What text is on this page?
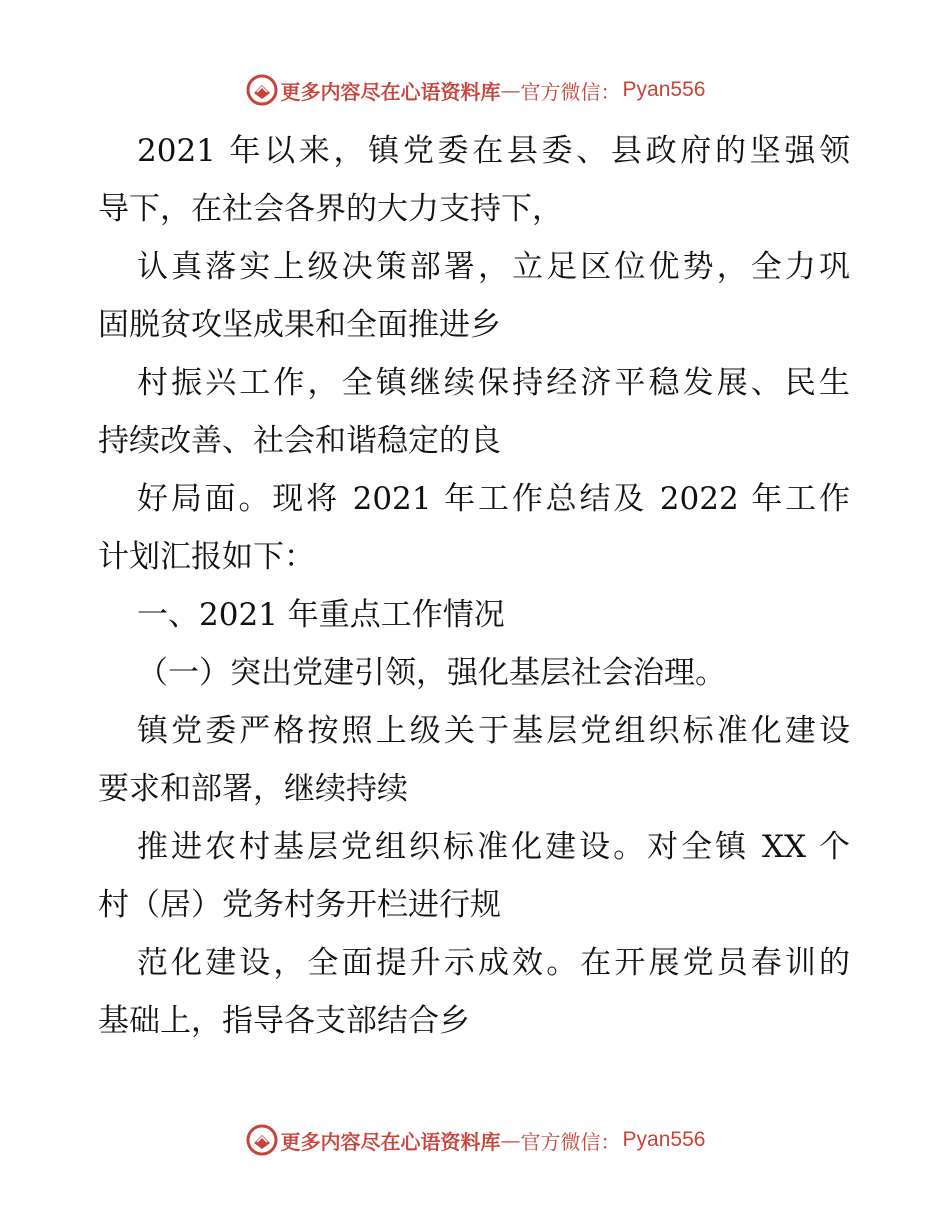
更多内容尽在心语资料库 — 官方微信： Pyan556
2021 年以来，镇党委在县委、县政府的坚强领
导下，在社会各界的大力支持下，
认真落实上级决策部署，立足区位优势，全力巩
固脱贫攻坚成果和全面推进乡
村振兴工作，全镇继续保持经济平稳发展、民生
持续改善、社会和谐稳定的良
好局面。现将 2021 年工作总结及 2022 年工作
计划汇报如下：
一、2021 年重点工作情况
（一）突出党建引领，强化基层社会治理。
镇党委严格按照上级关于基层党组织标准化建设
要求和部署，继续持续
推进农村基层党组织标准化建设。对全镇 XX 个
村（居）党务村务开栏进行规
范化建设，全面提升示成效。在开展党员春训的
基础上，指导各支部结合乡
更多内容尽在心语资料库 — 官方微信： Pyan556
